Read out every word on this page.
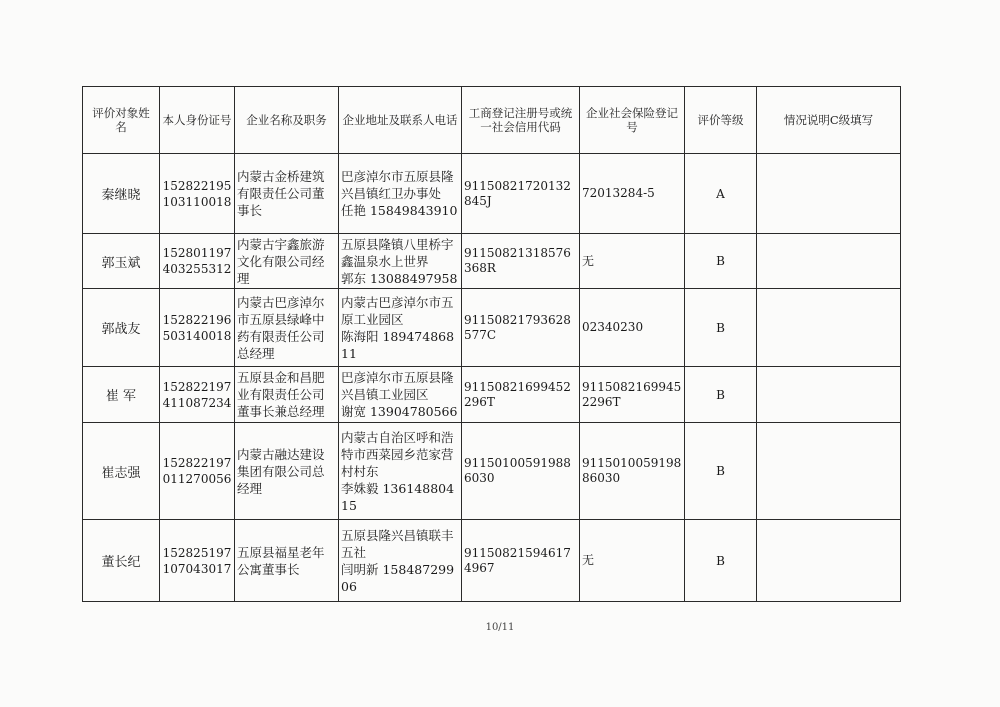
评价对象姓 名	本人身份证号	企业名称及职务	企业地址及联系人电话	工商登记注册号或统一社会信用代码	企业社会保险登记号	评价等级	情况说明C级填写
秦继晓	152822195103110018	内蒙古金桥建筑有限责任公司董事长	巴彦淖尔市五原县隆兴昌镇红卫办事处
任艳 15849843910	91150821720132845J	72013284-5	A	
郭玉斌	152801197403255312	内蒙古宇鑫旅游文化有限公司经理	五原县隆镇八里桥宇鑫温泉水上世界
郭东 13088497958	91150821318576368R	无	B	
郭战友	152822196503140018	内蒙古巴彦淖尔市五原县绿峰中药有限责任公司总经理	内蒙古巴彦淖尔市五原工业园区
陈海阳 18947486811	91150821793628577C	02340230	B	
崔 军	152822197411087234	五原县金和昌肥业有限责任公司董事长兼总经理	巴彦淖尔市五原县隆兴昌镇工业园区
谢宽 13904780566	91150821699452296T	91150821699452296T	B	
崔志强	152822197011270056	内蒙古融达建设集团有限公司总经理	内蒙古自治区呼和浩特市西菜园乡范家营村村东
李姝毅 13614880415	911501005919886030	911501005919886030	B	
董长纪	152825197107043017	五原县福星老年公寓董事长	五原县隆兴昌镇联丰五社
闫明新 15848729906	911508215946174967	无	B	
10/11
